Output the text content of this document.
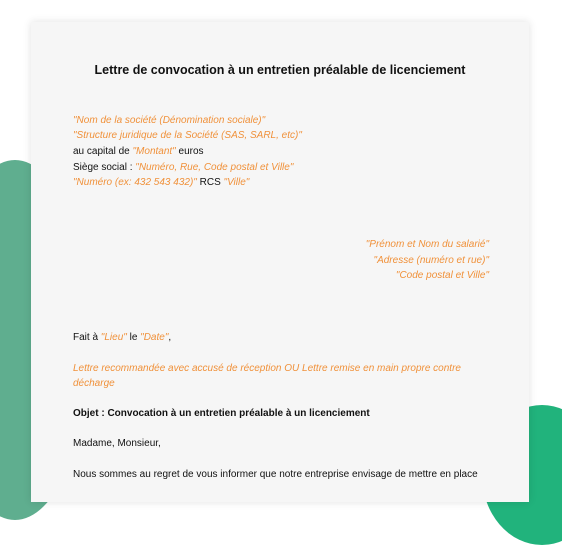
Lettre de convocation à un entretien préalable de licenciement
"Nom de la société (Dénomination sociale)"
"Structure juridique de la Société (SAS, SARL, etc)"
au capital de "Montant" euros
Siège social : "Numéro, Rue, Code postal et Ville"
"Numéro (ex: 432 543 432)" RCS "Ville"
"Prénom et Nom du salarié"
"Adresse (numéro et rue)"
"Code postal et Ville"
Fait à "Lieu" le "Date",
Lettre recommandée avec accusé de réception OU Lettre remise en main propre contre
décharge
Objet : Convocation à un entretien préalable à un licenciement
Madame, Monsieur,
Nous sommes au regret de vous informer que notre entreprise envisage de mettre en place
